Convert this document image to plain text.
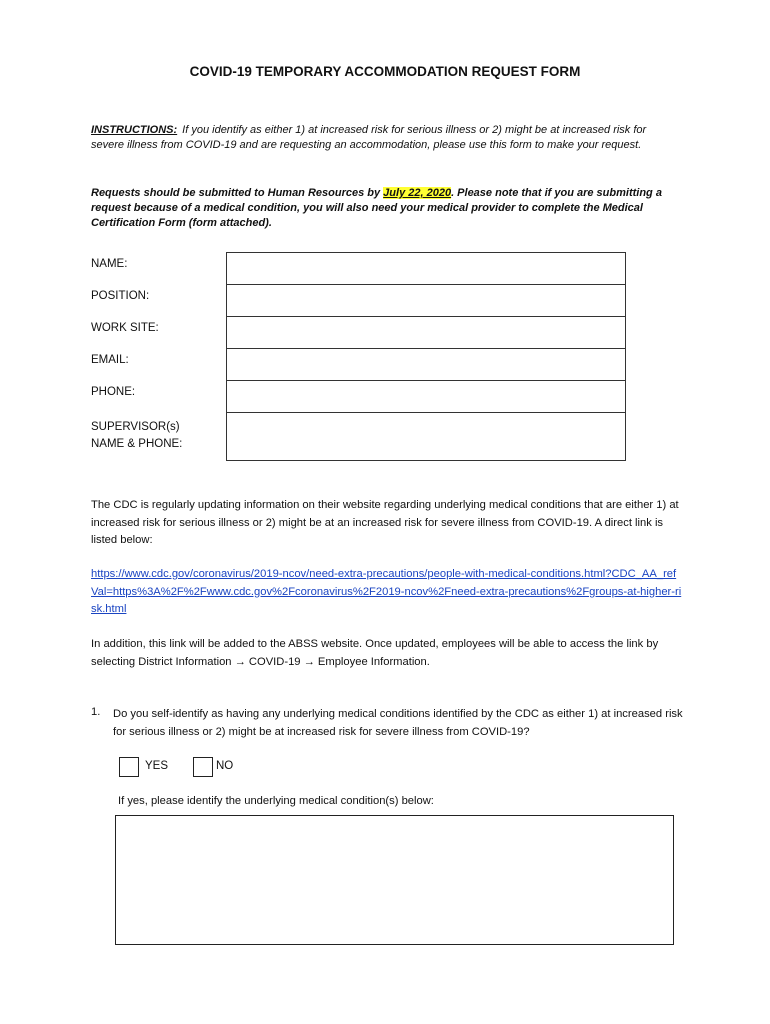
COVID-19 TEMPORARY ACCOMMODATION REQUEST FORM
INSTRUCTIONS: If you identify as either 1) at increased risk for serious illness or 2) might be at increased risk for severe illness from COVID-19 and are requesting an accommodation, please use this form to make your request.
Requests should be submitted to Human Resources by July 22, 2020. Please note that if you are submitting a request because of a medical condition, you will also need your medical provider to complete the Medical Certification Form (form attached).
NAME:
POSITION:
WORK SITE:
EMAIL:
PHONE:
SUPERVISOR(s)
NAME & PHONE:
The CDC is regularly updating information on their website regarding underlying medical conditions that are either 1) at increased risk for serious illness or 2) might be at an increased risk for severe illness from COVID-19. A direct link is listed below:
https://www.cdc.gov/coronavirus/2019-ncov/need-extra-precautions/people-with-medical-conditions.html?CDC_AA_refVal=https%3A%2F%2Fwww.cdc.gov%2Fcoronavirus%2F2019-ncov%2Fneed-extra-precautions%2Fgroups-at-higher-risk.html
In addition, this link will be added to the ABSS website. Once updated, employees will be able to access the link by selecting District Information → COVID-19 → Employee Information.
1. Do you self-identify as having any underlying medical conditions identified by the CDC as either 1) at increased risk for serious illness or 2) might be at increased risk for severe illness from COVID-19?
YES	NO
If yes, please identify the underlying medical condition(s) below:
